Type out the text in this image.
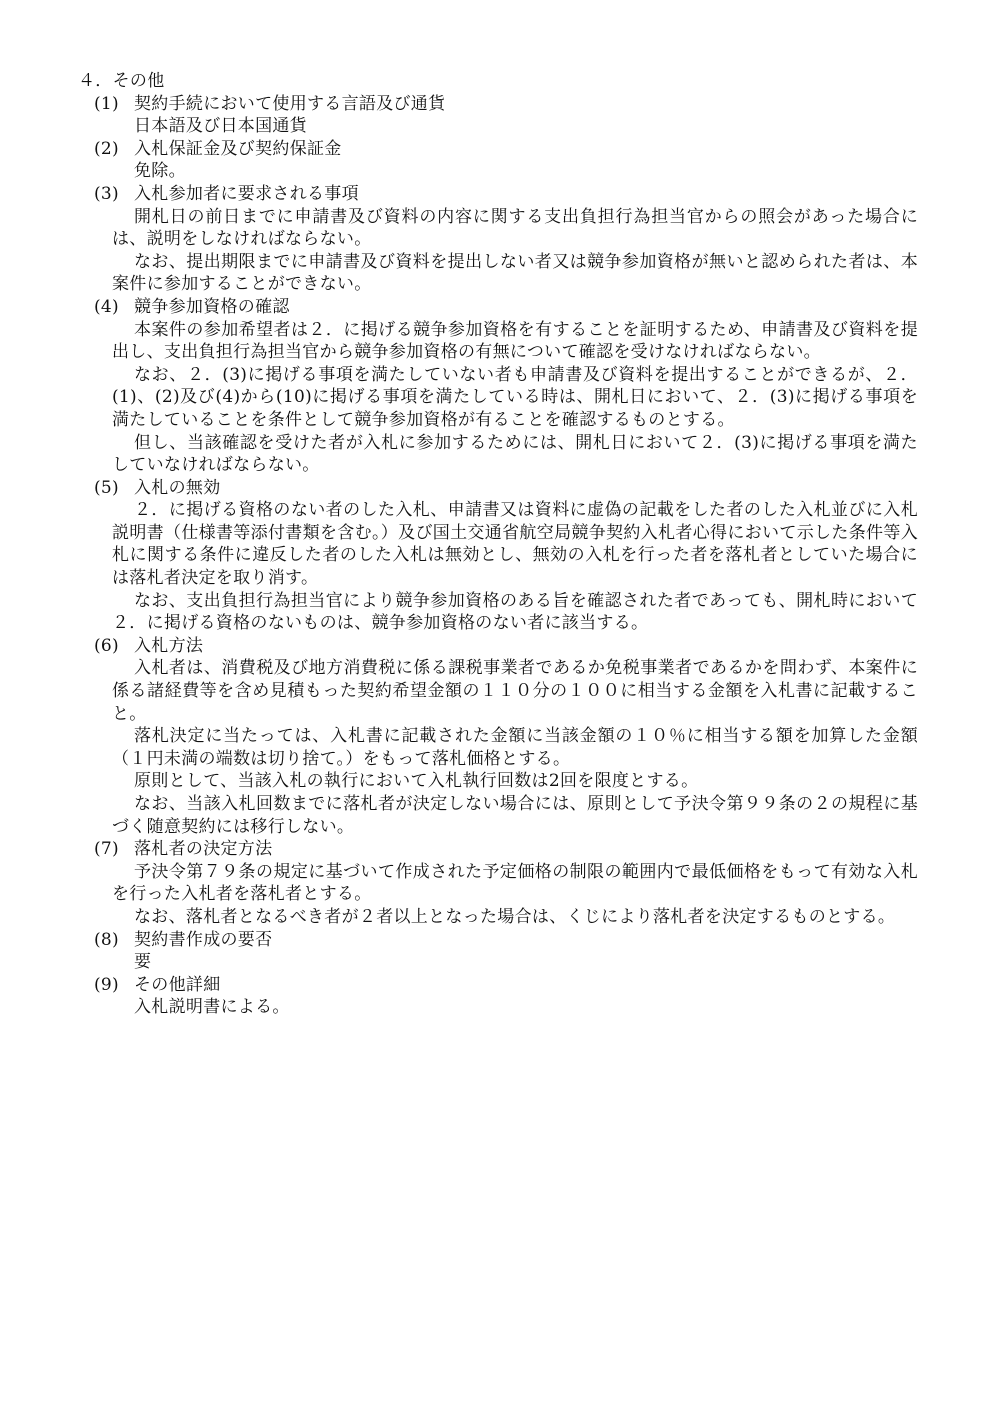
４．その他
(1) 契約手続において使用する言語及び通貨
日本語及び日本国通貨
(2) 入札保証金及び契約保証金
免除。
(3) 入札参加者に要求される事項
開札日の前日までに申請書及び資料の内容に関する支出負担行為担当官からの照会があった場合には、説明をしなければならない。
なお、提出期限までに申請書及び資料を提出しない者又は競争参加資格が無いと認められた者は、本案件に参加することができない。
(4) 競争参加資格の確認
本案件の参加希望者は２．に掲げる競争参加資格を有することを証明するため、申請書及び資料を提出し、支出負担行為担当官から競争参加資格の有無について確認を受けなければならない。
なお、２．(3)に掲げる事項を満たしていない者も申請書及び資料を提出することができるが、２．(1)、(2)及び(4)から(10)に掲げる事項を満たしている時は、開札日において、２．(3)に掲げる事項を満たしていることを条件として競争参加資格が有ることを確認するものとする。
但し、当該確認を受けた者が入札に参加するためには、開札日において２．(3)に掲げる事項を満たしていなければならない。
(5) 入札の無効
２．に掲げる資格のない者のした入札、申請書又は資料に虚偽の記載をした者のした入札並びに入札説明書（仕様書等添付書類を含む。）及び国土交通省航空局競争契約入札者心得において示した条件等入札に関する条件に違反した者のした入札は無効とし、無効の入札を行った者を落札者としていた場合には落札者決定を取り消す。
なお、支出負担行為担当官により競争参加資格のある旨を確認された者であっても、開札時において２．に掲げる資格のないものは、競争参加資格のない者に該当する。
(6) 入札方法
入札者は、消費税及び地方消費税に係る課税事業者であるか免税事業者であるかを問わず、本案件に係る諸経費等を含め見積もった契約希望金額の１１０分の１００に相当する金額を入札書に記載すること。
落札決定に当たっては、入札書に記載された金額に当該金額の１０％に相当する額を加算した金額（１円未満の端数は切り捨て。）をもって落札価格とする。
原則として、当該入札の執行において入札執行回数は2回を限度とする。
なお、当該入札回数までに落札者が決定しない場合には、原則として予決令第９９条の２の規程に基づく随意契約には移行しない。
(7) 落札者の決定方法
予決令第７９条の規定に基づいて作成された予定価格の制限の範囲内で最低価格をもって有効な入札を行った入札者を落札者とする。
なお、落札者となるべき者が２者以上となった場合は、くじにより落札者を決定するものとする。
(8) 契約書作成の要否
要
(9) その他詳細
入札説明書による。
